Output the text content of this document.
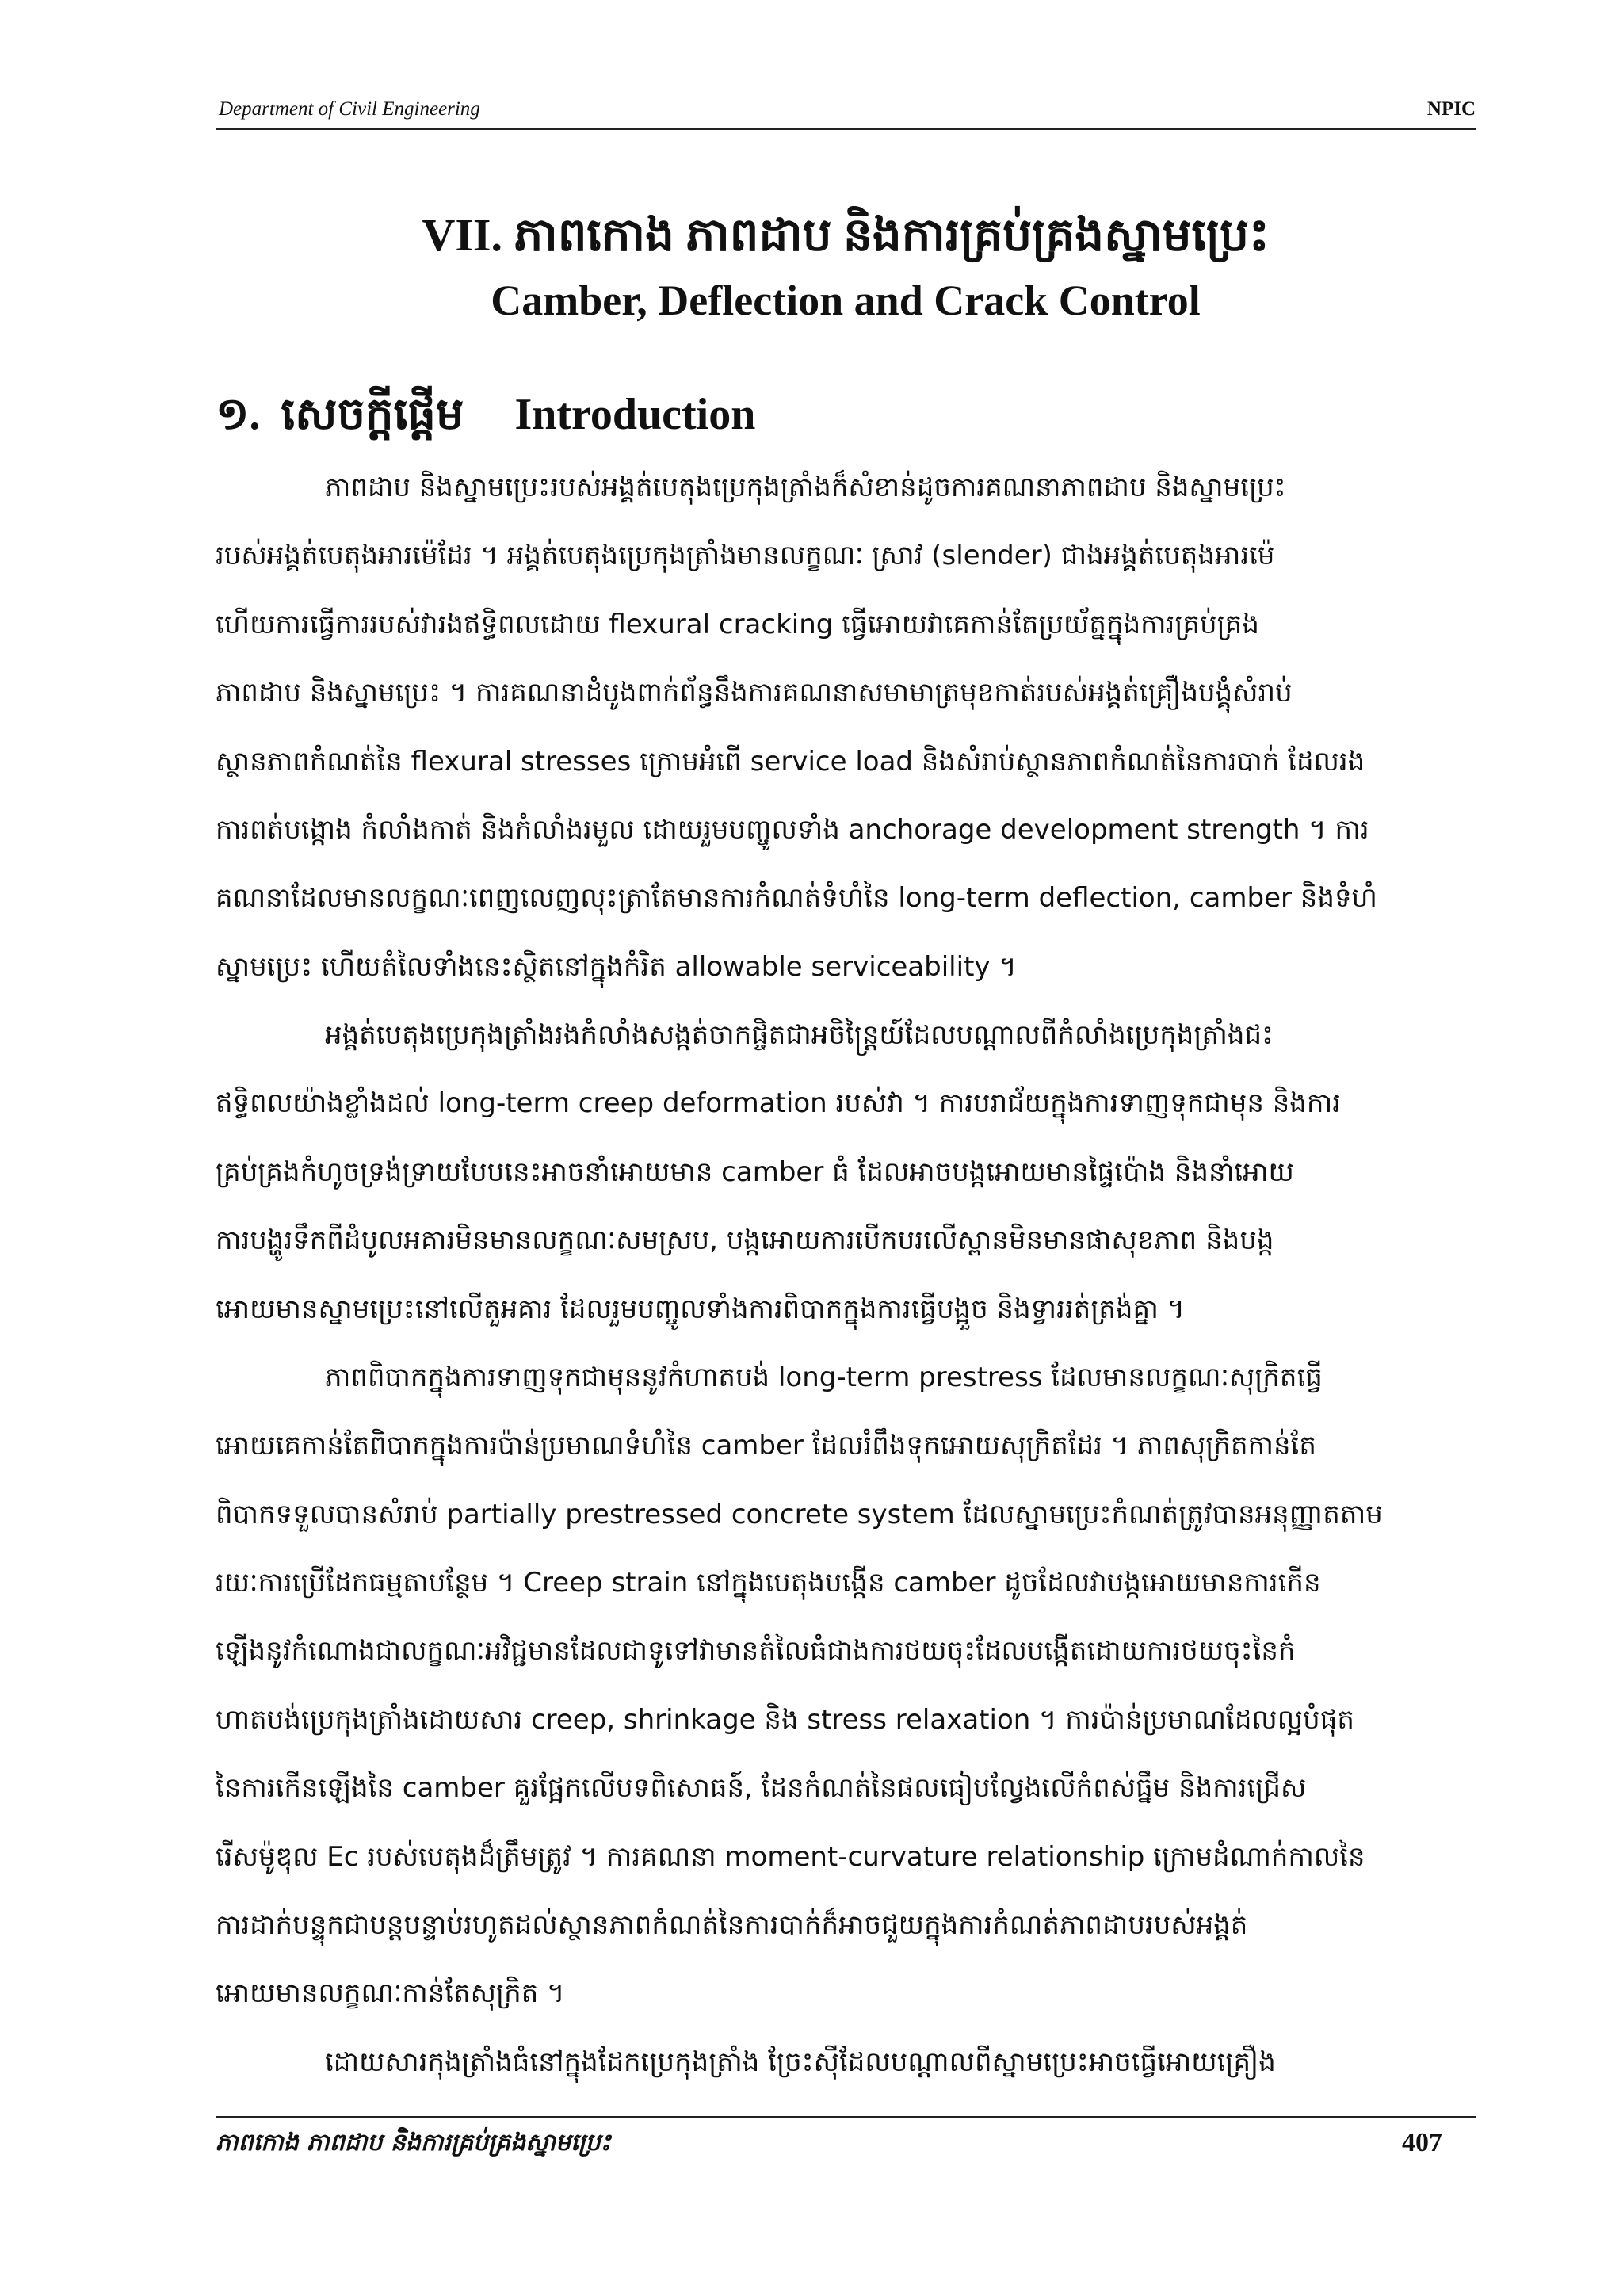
Department of Civil Engineering	NPIC
VII. ភាពកោង ភាពដាប និងការគ្រប់គ្រងស្នាមប្រេះ
Camber, Deflection and Crack Control
១. សេចក្តីផ្តើម Introduction
ភាពដាប និងស្នាមប្រេះរបស់អង្គត់បេតុងប្រេកុងត្រាំងក៏សំខាន់ដូចការគណនាភាពដាប និងស្នាមប្រេះ
របស់អង្គត់បេតុងអារម៉េដែរ ។ អង្គត់បេតុងប្រេកុងត្រាំងមានលក្ខណៈ ស្រាវ (slender) ជាងអង្គត់បេតុងអារម៉េ
ហើយការធ្វើការរបស់វារងឥទ្ធិពលដោយ flexural cracking ធ្វើអោយវាគេកាន់តែប្រយ័ត្នក្នុងការគ្រប់គ្រង
ភាពដាប និងស្នាមប្រេះ ។ ការគណនាដំបូងពាក់ព័ន្ធនឹងការគណនាសមាមាត្រមុខកាត់របស់អង្គត់គ្រឿងបង្គុំសំរាប់
ស្ថានភាពកំណត់នៃ flexural stresses ក្រោមអំពើ service load និងសំរាប់ស្ថានភាពកំណត់នៃការបាក់ ដែលរង
ការពត់បង្កោង កំលាំងកាត់ និងកំលាំងរមួល ដោយរួមបញ្ចូលទាំង anchorage development strength ។ ការ
គណនាដែលមានលក្ខណៈពេញលេញលុះត្រាតែមានការកំណត់ទំហំនៃ long-term deflection, camber និងទំហំ
ស្នាមប្រេះ ហើយតំលៃទាំងនេះស្ថិតនៅក្នុងកំរិត allowable serviceability ។
អង្គត់បេតុងប្រេកុងត្រាំងរងកំលាំងសង្កត់ចាកផ្ចិតជាអចិន្ត្រៃយ៍ដែលបណ្តាលពីកំលាំងប្រេកុងត្រាំងជះ
ឥទ្ធិពលយ៉ាងខ្លាំងដល់ long-term creep deformation របស់វា ។ ការបរាជ័យក្នុងការទាញទុកជាមុន និងការ
គ្រប់គ្រងកំហូចទ្រង់ទ្រាយបែបនេះអាចនាំអោយមាន camber ធំ ដែលអាចបង្កអោយមានផ្ទៃប៉ោង និងនាំអោយ
ការបង្ហូរទឹកពីដំបូលអគារមិនមានលក្ខណៈសមស្រប, បង្កអោយការបើកបរលើស្ពានមិនមានផាសុខភាព និងបង្ក
អោយមានស្នាមប្រេះនៅលើតួអគារ ដែលរួមបញ្ចូលទាំងការពិបាកក្នុងការធ្វើបង្អួច និងទ្វាររត់ត្រង់គ្នា ។
ភាពពិបាកក្នុងការទាញទុកជាមុននូវកំហាតបង់ long-term prestress ដែលមានលក្ខណៈសុក្រិតធ្វើ
អោយគេកាន់តែពិបាកក្នុងការប៉ាន់ប្រមាណទំហំនៃ camber ដែលរំពឹងទុកអោយសុក្រិតដែរ ។ ភាពសុក្រិតកាន់តែ
ពិបាកទទួលបានសំរាប់ partially prestressed concrete system ដែលស្នាមប្រេះកំណត់ត្រូវបានអនុញ្ញាតតាម
រយៈការប្រើដែកធម្មតាបន្ថែម ។ Creep strain នៅក្នុងបេតុងបង្កើន camber ដូចដែលវាបង្កអោយមានការកើន
ឡើងនូវកំណោងជាលក្ខណៈអវិជ្ជមានដែលជាទូទៅវាមានតំលៃធំជាងការថយចុះដែលបង្កើតដោយការថយចុះនៃកំ
ហាតបង់ប្រេកុងត្រាំងដោយសារ creep, shrinkage និង stress relaxation ។ ការប៉ាន់ប្រមាណដែលល្អបំផុត
នៃការកើនឡើងនៃ camber គួរផ្អែកលើបទពិសោធន៍, ដែនកំណត់នៃផលធៀបល្វែងលើកំពស់ធ្នឹម និងការជ្រើស
រើសម៉ូឌុល Ec របស់បេតុងដ៏ត្រឹមត្រូវ ។ ការគណនា moment-curvature relationship ក្រោមដំណាក់កាលនៃ
ការដាក់បន្ទុកជាបន្តបន្ទាប់រហូតដល់ស្ថានភាពកំណត់នៃការបាក់ក៏អាចជួយក្នុងការកំណត់ភាពដាបរបស់អង្គត់
អោយមានលក្ខណៈកាន់តែសុក្រិត ។
ដោយសារកុងត្រាំងធំនៅក្នុងដែកប្រេកុងត្រាំង ច្រែះស៊ីដែលបណ្តាលពីស្នាមប្រេះអាចធ្វើអោយគ្រឿង
ភាពកោង ភាពដាប និងការគ្រប់គ្រងស្នាមប្រេះ	407
